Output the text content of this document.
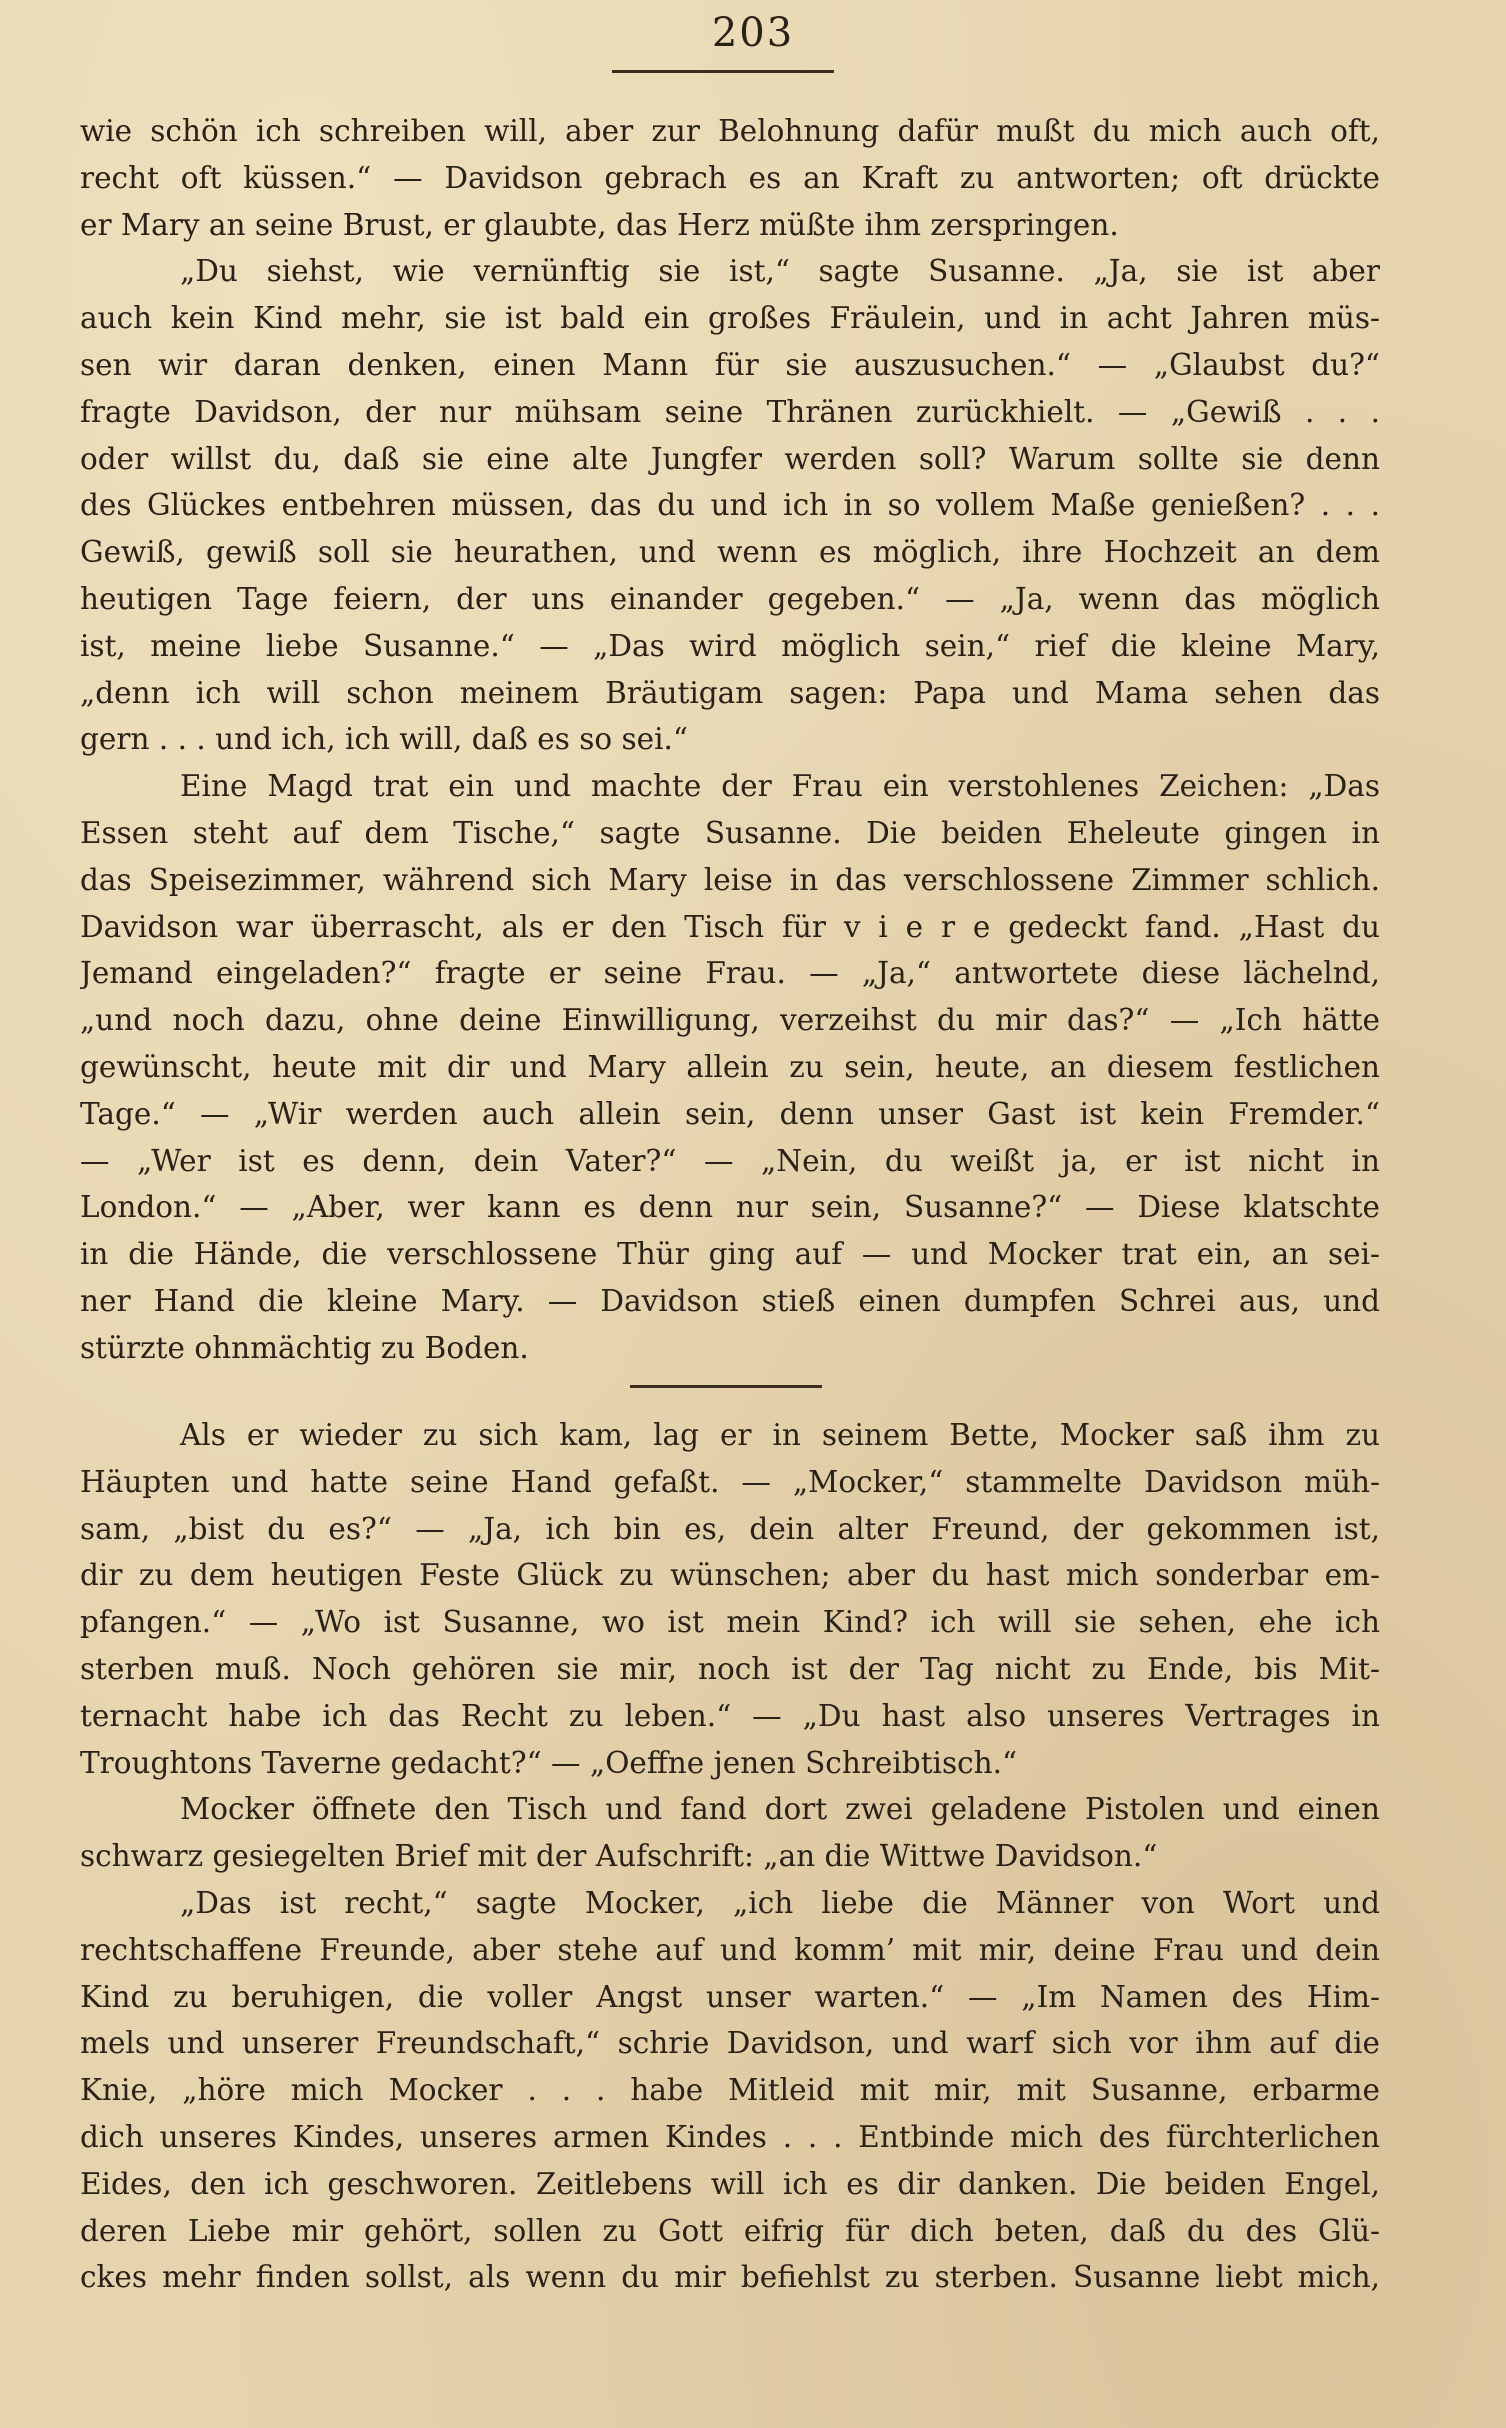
203
wie schön ich schreiben will, aber zur Belohnung dafür mußt du mich auch oft,
recht oft küssen.“ — Davidson gebrach es an Kraft zu antworten; oft drückte
er Mary an seine Brust, er glaubte, das Herz müßte ihm zerspringen.
„Du siehst, wie vernünftig sie ist,“ sagte Susanne. „Ja, sie ist aber
auch kein Kind mehr, sie ist bald ein großes Fräulein, und in acht Jahren müs-
sen wir daran denken, einen Mann für sie auszusuchen.“ — „Glaubst du?“
fragte Davidson, der nur mühsam seine Thränen zurückhielt. — „Gewiß . . .
oder willst du, daß sie eine alte Jungfer werden soll? Warum sollte sie denn
des Glückes entbehren müssen, das du und ich in so vollem Maße genießen? . . .
Gewiß, gewiß soll sie heurathen, und wenn es möglich, ihre Hochzeit an dem
heutigen Tage feiern, der uns einander gegeben.“ — „Ja, wenn das möglich
ist, meine liebe Susanne.“ — „Das wird möglich sein,“ rief die kleine Mary,
„denn ich will schon meinem Bräutigam sagen: Papa und Mama sehen das
gern . . . und ich, ich will, daß es so sei.“
Eine Magd trat ein und machte der Frau ein verstohlenes Zeichen: „Das
Essen steht auf dem Tische,“ sagte Susanne. Die beiden Eheleute gingen in
das Speisezimmer, während sich Mary leise in das verschlossene Zimmer schlich.
Davidson war überrascht, als er den Tisch für v i e r e gedeckt fand. „Hast du
Jemand eingeladen?“ fragte er seine Frau. — „Ja,“ antwortete diese lächelnd,
„und noch dazu, ohne deine Einwilligung, verzeihst du mir das?“ — „Ich hätte
gewünscht, heute mit dir und Mary allein zu sein, heute, an diesem festlichen
Tage.“ — „Wir werden auch allein sein, denn unser Gast ist kein Fremder.“
— „Wer ist es denn, dein Vater?“ — „Nein, du weißt ja, er ist nicht in
London.“ — „Aber, wer kann es denn nur sein, Susanne?“ — Diese klatschte
in die Hände, die verschlossene Thür ging auf — und Mocker trat ein, an sei-
ner Hand die kleine Mary. — Davidson stieß einen dumpfen Schrei aus, und
stürzte ohnmächtig zu Boden.
Als er wieder zu sich kam, lag er in seinem Bette, Mocker saß ihm zu
Häupten und hatte seine Hand gefaßt. — „Mocker,“ stammelte Davidson müh-
sam, „bist du es?“ — „Ja, ich bin es, dein alter Freund, der gekommen ist,
dir zu dem heutigen Feste Glück zu wünschen; aber du hast mich sonderbar em-
pfangen.“ — „Wo ist Susanne, wo ist mein Kind? ich will sie sehen, ehe ich
sterben muß. Noch gehören sie mir, noch ist der Tag nicht zu Ende, bis Mit-
ternacht habe ich das Recht zu leben.“ — „Du hast also unseres Vertrages in
Troughtons Taverne gedacht?“ — „Oeffne jenen Schreibtisch.“
Mocker öffnete den Tisch und fand dort zwei geladene Pistolen und einen
schwarz gesiegelten Brief mit der Aufschrift: „an die Wittwe Davidson.“
„Das ist recht,“ sagte Mocker, „ich liebe die Männer von Wort und
rechtschaffene Freunde, aber stehe auf und komm’ mit mir, deine Frau und dein
Kind zu beruhigen, die voller Angst unser warten.“ — „Im Namen des Him-
mels und unserer Freundschaft,“ schrie Davidson, und warf sich vor ihm auf die
Knie, „höre mich Mocker . . . habe Mitleid mit mir, mit Susanne, erbarme
dich unseres Kindes, unseres armen Kindes . . . Entbinde mich des fürchterlichen
Eides, den ich geschworen. Zeitlebens will ich es dir danken. Die beiden Engel,
deren Liebe mir gehört, sollen zu Gott eifrig für dich beten, daß du des Glü-
ckes mehr finden sollst, als wenn du mir befiehlst zu sterben. Susanne liebt mich,
